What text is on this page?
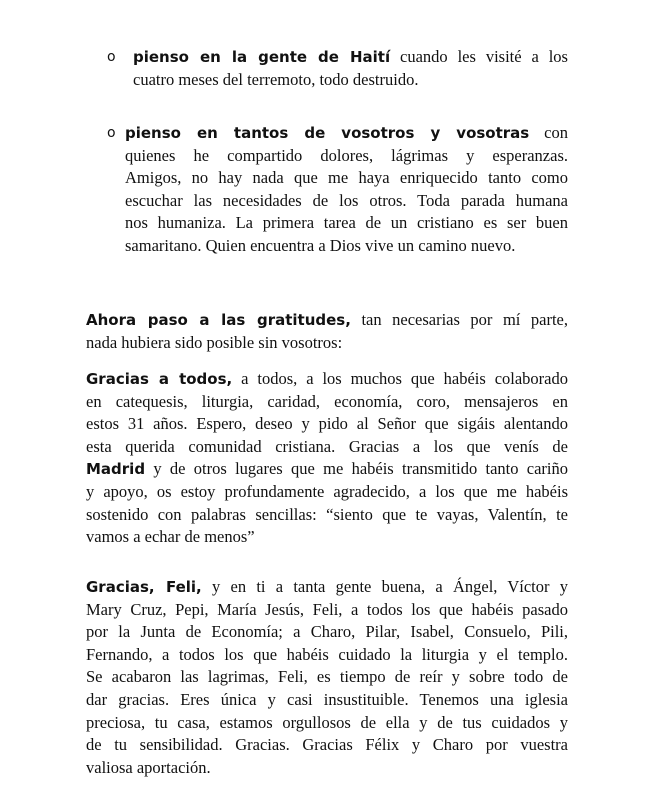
o pienso en la gente de Haití cuando les visité a los
cuatro meses del terremoto, todo destruido.
o pienso en tantos de vosotros y vosotras con
quienes he compartido dolores, lágrimas y esperanzas.
Amigos, no hay nada que me haya enriquecido tanto como
escuchar las necesidades de los otros. Toda parada humana
nos humaniza. La primera tarea de un cristiano es ser buen
samaritano. Quien encuentra a Dios vive un camino nuevo.
Ahora paso a las gratitudes, tan necesarias por mí parte,
nada hubiera sido posible sin vosotros:
Gracias a todos, a todos, a los muchos que habéis colaborado
en catequesis, liturgia, caridad, economía, coro, mensajeros en
estos 31 años. Espero, deseo y pido al Señor que sigáis alentando
esta querida comunidad cristiana. Gracias a los que venís de
Madrid y de otros lugares que me habéis transmitido tanto cariño
y apoyo, os estoy profundamente agradecido, a los que me habéis
sostenido con palabras sencillas: “siento que te vayas, Valentín, te
vamos a echar de menos”
Gracias, Feli, y en ti a tanta gente buena, a Ángel, Víctor y
Mary Cruz, Pepi, María Jesús, Feli, a todos los que habéis pasado
por la Junta de Economía; a Charo, Pilar, Isabel, Consuelo, Pili,
Fernando, a todos los que habéis cuidado la liturgia y el templo.
Se acabaron las lagrimas, Feli, es tiempo de reír y sobre todo de
dar gracias. Eres única y casi insustituible. Tenemos una iglesia
preciosa, tu casa, estamos orgullosos de ella y de tus cuidados y
de tu sensibilidad. Gracias. Gracias Félix y Charo por vuestra
valiosa aportación.
